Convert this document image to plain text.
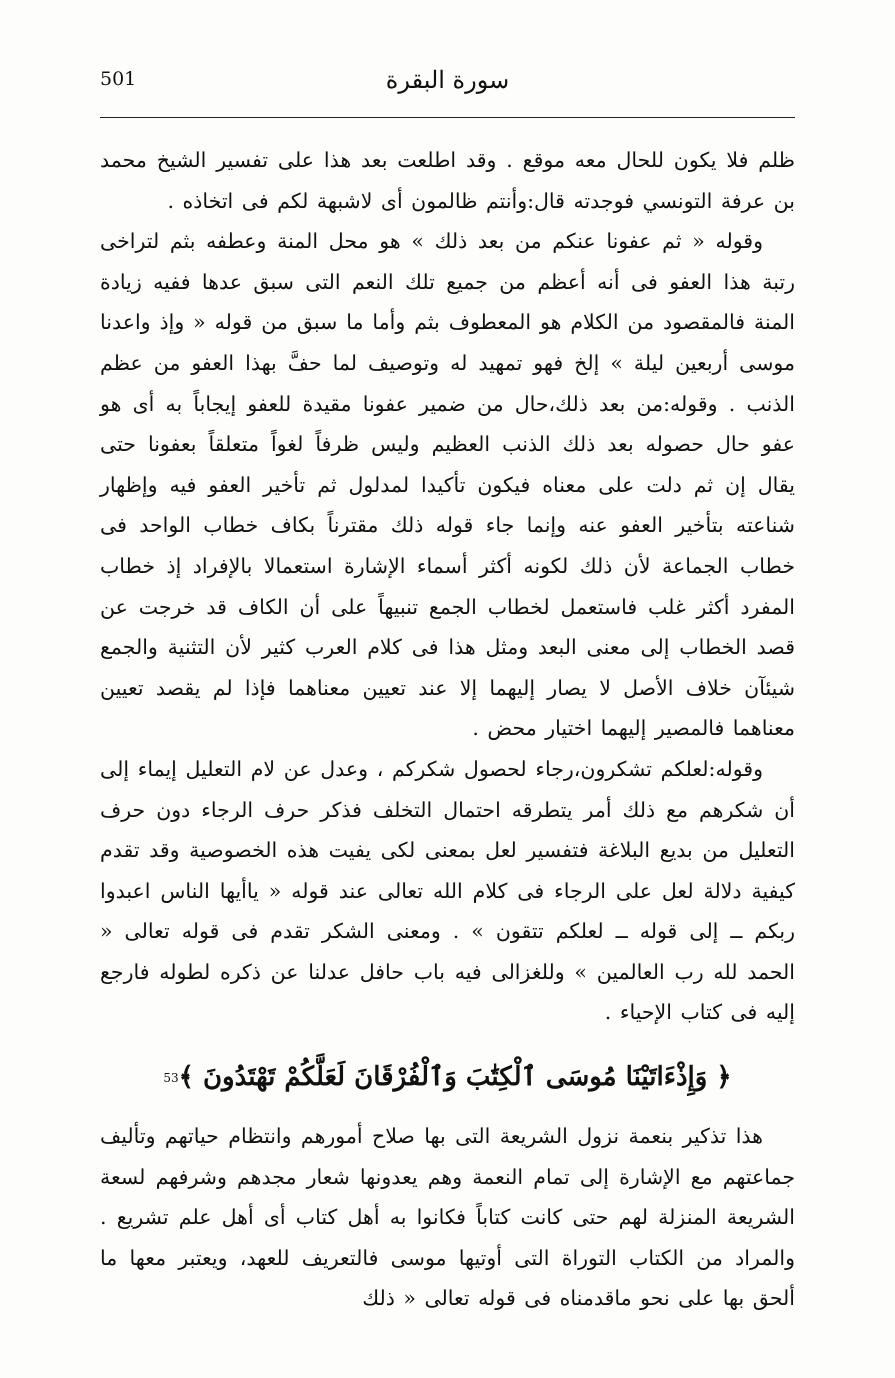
501	سورة البقرة

ظلم فلا يكون للحال معه موقع . وقد اطلعت بعد هذا على تفسير الشيخ محمد بن عرفة التونسي فوجدته قال:وأنتم ظالمون أى لاشبهة لكم فى اتخاذه .

وقوله « ثم عفونا عنكم من بعد ذلك » هو محل المنة وعطفه بثم لتراخى رتبة هذا العفو فى أنه أعظم من جميع تلك النعم التى سبق عدها ففيه زيادة المنة فالمقصود من الكلام هو المعطوف بثم وأما ما سبق من قوله « وإذ واعدنا موسى أربعين ليلة » إلخ فهو تمهيد له وتوصيف لما حفَّ بهذا العفو من عظم الذنب . وقوله:من بعد ذلك،حال من ضمير عفونا مقيدة للعفو إيجاباً به أى هو عفو حال حصوله بعد ذلك الذنب العظيم وليس ظرفاً لغواً متعلقاً بعفونا حتى يقال إن ثم دلت على معناه فيكون تأكيدا لمدلول ثم تأخير العفو فيه وإظهار شناعته بتأخير العفو عنه وإنما جاء قوله ذلك مقترناً بكاف خطاب الواحد فى خطاب الجماعة لأن ذلك لكونه أكثر أسماء الإشارة استعمالا بالإفراد إذ خطاب المفرد أكثر غلب فاستعمل لخطاب الجمع تنبيهاً على أن الكاف قد خرجت عن قصد الخطاب إلى معنى البعد ومثل هذا فى كلام العرب كثير لأن التثنية والجمع شيئآن خلاف الأصل لا يصار إليهما إلا عند تعيين معناهما فإذا لم يقصد تعيين معناهما فالمصير إليهما اختيار محض .

وقوله:لعلكم تشكرون،رجاء لحصول شكركم ، وعدل عن لام التعليل إيماء إلى أن شكرهم مع ذلك أمر يتطرقه احتمال التخلف فذكر حرف الرجاء دون حرف التعليل من بديع البلاغة فتفسير لعل بمعنى لكى يفيت هذه الخصوصية وقد تقدم كيفية دلالة لعل على الرجاء فى كلام الله تعالى عند قوله « ياأيها الناس اعبدوا ربكم ــ إلى قوله ــ لعلكم تتقون » . ومعنى الشكر تقدم فى قوله تعالى « الحمد لله رب العالمين » وللغزالى فيه باب حافل عدلنا عن ذكره لطوله فارجع إليه فى كتاب الإحياء .

﴿ وَإِذْءَاتَيْنَا مُوسَى ٱلْكِتَٰبَ وَٱلْفُرْقَانَ لَعَلَّكُمْ تَهْتَدُونَ ﴾53

هذا تذكير بنعمة نزول الشريعة التى بها صلاح أمورهم وانتظام حياتهم وتأليف جماعتهم مع الإشارة إلى تمام النعمة وهم يعدونها شعار مجدهم وشرفهم لسعة الشريعة المنزلة لهم حتى كانت كتاباً فكانوا به أهل كتاب أى أهل علم تشريع . والمراد من الكتاب التوراة التى أوتيها موسى فالتعريف للعهد، ويعتبر معها ما ألحق بها على نحو ماقدمناه فى قوله تعالى « ذلك
